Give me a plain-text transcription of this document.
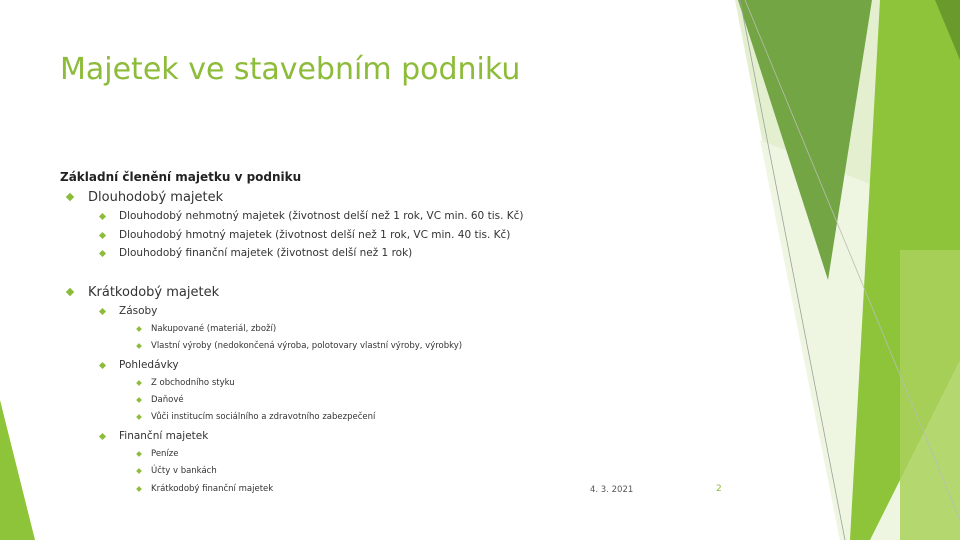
Majetek ve stavebním podniku
Základní členění majetku v podniku
Dlouhodobý majetek
Dlouhodobý nehmotný majetek (životnost delší než 1 rok, VC min. 60 tis. Kč)
Dlouhodobý hmotný majetek (životnost delší než 1 rok, VC min. 40 tis. Kč)
Dlouhodobý finanční majetek (životnost delší než 1 rok)
Krátkodobý majetek
Zásoby
Nakupované (materiál, zboží)
Vlastní výroby (nedokončená výroba, polotovary vlastní výroby, výrobky)
Pohledávky
Z obchodního styku
Daňové
Vůči institucím sociálního a zdravotního zabezpečení
Finanční majetek
Peníze
Účty v bankách
Krátkodobý finanční majetek	4. 3. 2021	2
